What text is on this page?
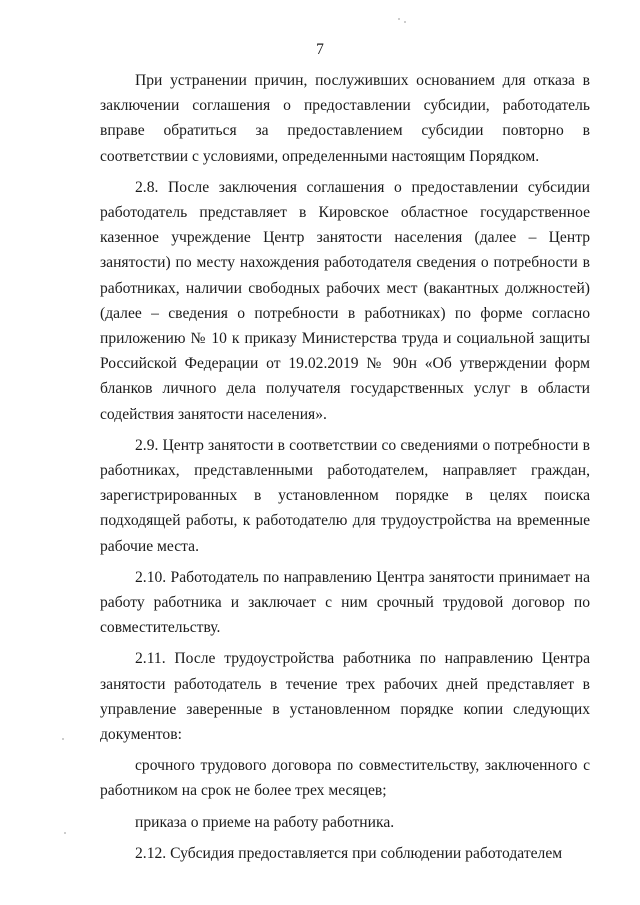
7

При устранении причин, послуживших основанием для отказа в заключении соглашения о предоставлении субсидии, работодатель вправе обратиться за предоставлением субсидии повторно в соответствии с условиями, определенными настоящим Порядком.

2.8. После заключения соглашения о предоставлении субсидии работодатель представляет в Кировское областное государственное казенное учреждение Центр занятости населения (далее – Центр занятости) по месту нахождения работодателя сведения о потребности в работниках, наличии свободных рабочих мест (вакантных должностей) (далее – сведения о потребности в работниках) по форме согласно приложению № 10 к приказу Министерства труда и социальной защиты Российской Федерации от 19.02.2019 № 90н «Об утверждении форм бланков личного дела получателя государственных услуг в области содействия занятости населения».

2.9. Центр занятости в соответствии со сведениями о потребности в работниках, представленными работодателем, направляет граждан, зарегистрированных в установленном порядке в целях поиска подходящей работы, к работодателю для трудоустройства на временные рабочие места.

2.10. Работодатель по направлению Центра занятости принимает на работу работника и заключает с ним срочный трудовой договор по совместительству.

2.11. После трудоустройства работника по направлению Центра занятости работодатель в течение трех рабочих дней представляет в управление заверенные в установленном порядке копии следующих документов:

срочного трудового договора по совместительству, заключенного с работником на срок не более трех месяцев;

приказа о приеме на работу работника.

2.12. Субсидия предоставляется при соблюдении работодателем
